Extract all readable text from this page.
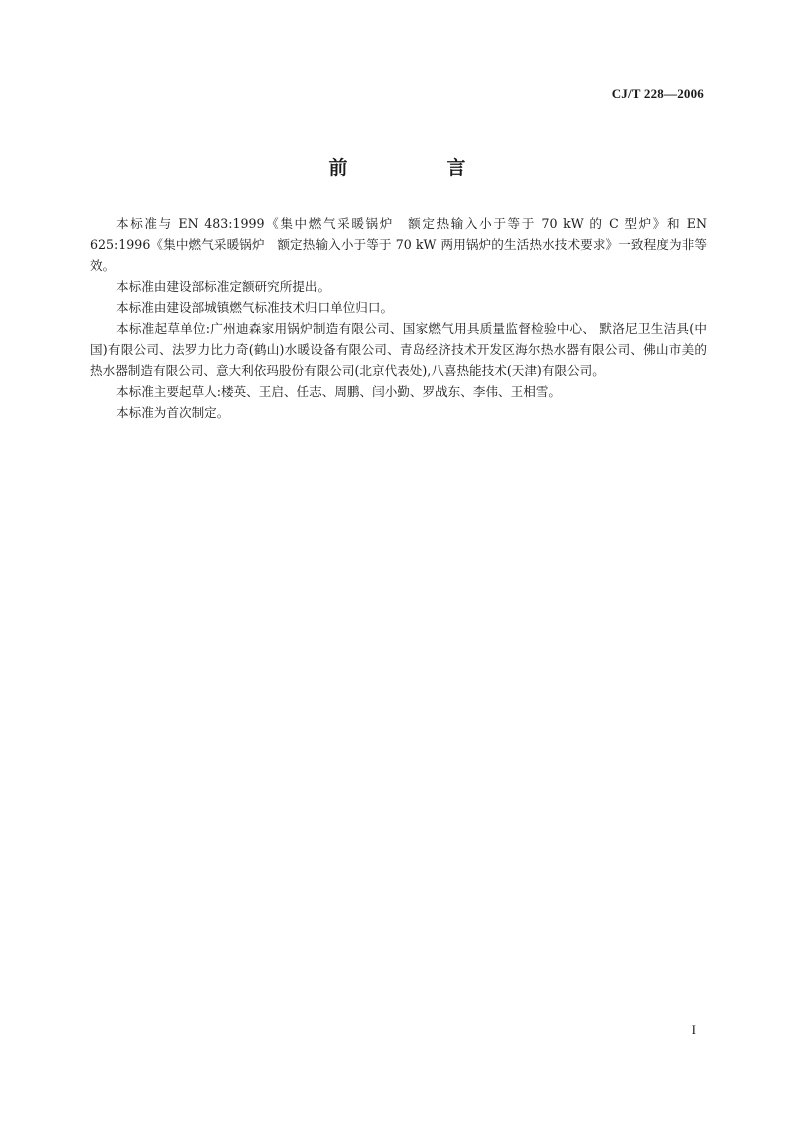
CJ/T 228—2006
前　言

本标准与 EN 483:1999《集中燃气采暖锅炉　额定热输入小于等于 70 kW 的 C 型炉》和 EN 625:1996《集中燃气采暖锅炉　额定热输入小于等于 70 kW 两用锅炉的生活热水技术要求》一致程度为非等效。

本标准由建设部标准定额研究所提出。

本标准由建设部城镇燃气标准技术归口单位归口。

本标准起草单位:广州迪森家用锅炉制造有限公司、国家燃气用具质量监督检验中心、 默洛尼卫生洁具(中国)有限公司、法罗力比力奇(鹤山)水暖设备有限公司、青岛经济技术开发区海尔热水器有限公司、佛山市美的热水器制造有限公司、意大利依玛股份有限公司(北京代表处),八喜热能技术(天津)有限公司。

本标准主要起草人:楼英、王启、任志、周鹏、闫小勤、罗战东、李伟、王相雪。

本标准为首次制定。

I
